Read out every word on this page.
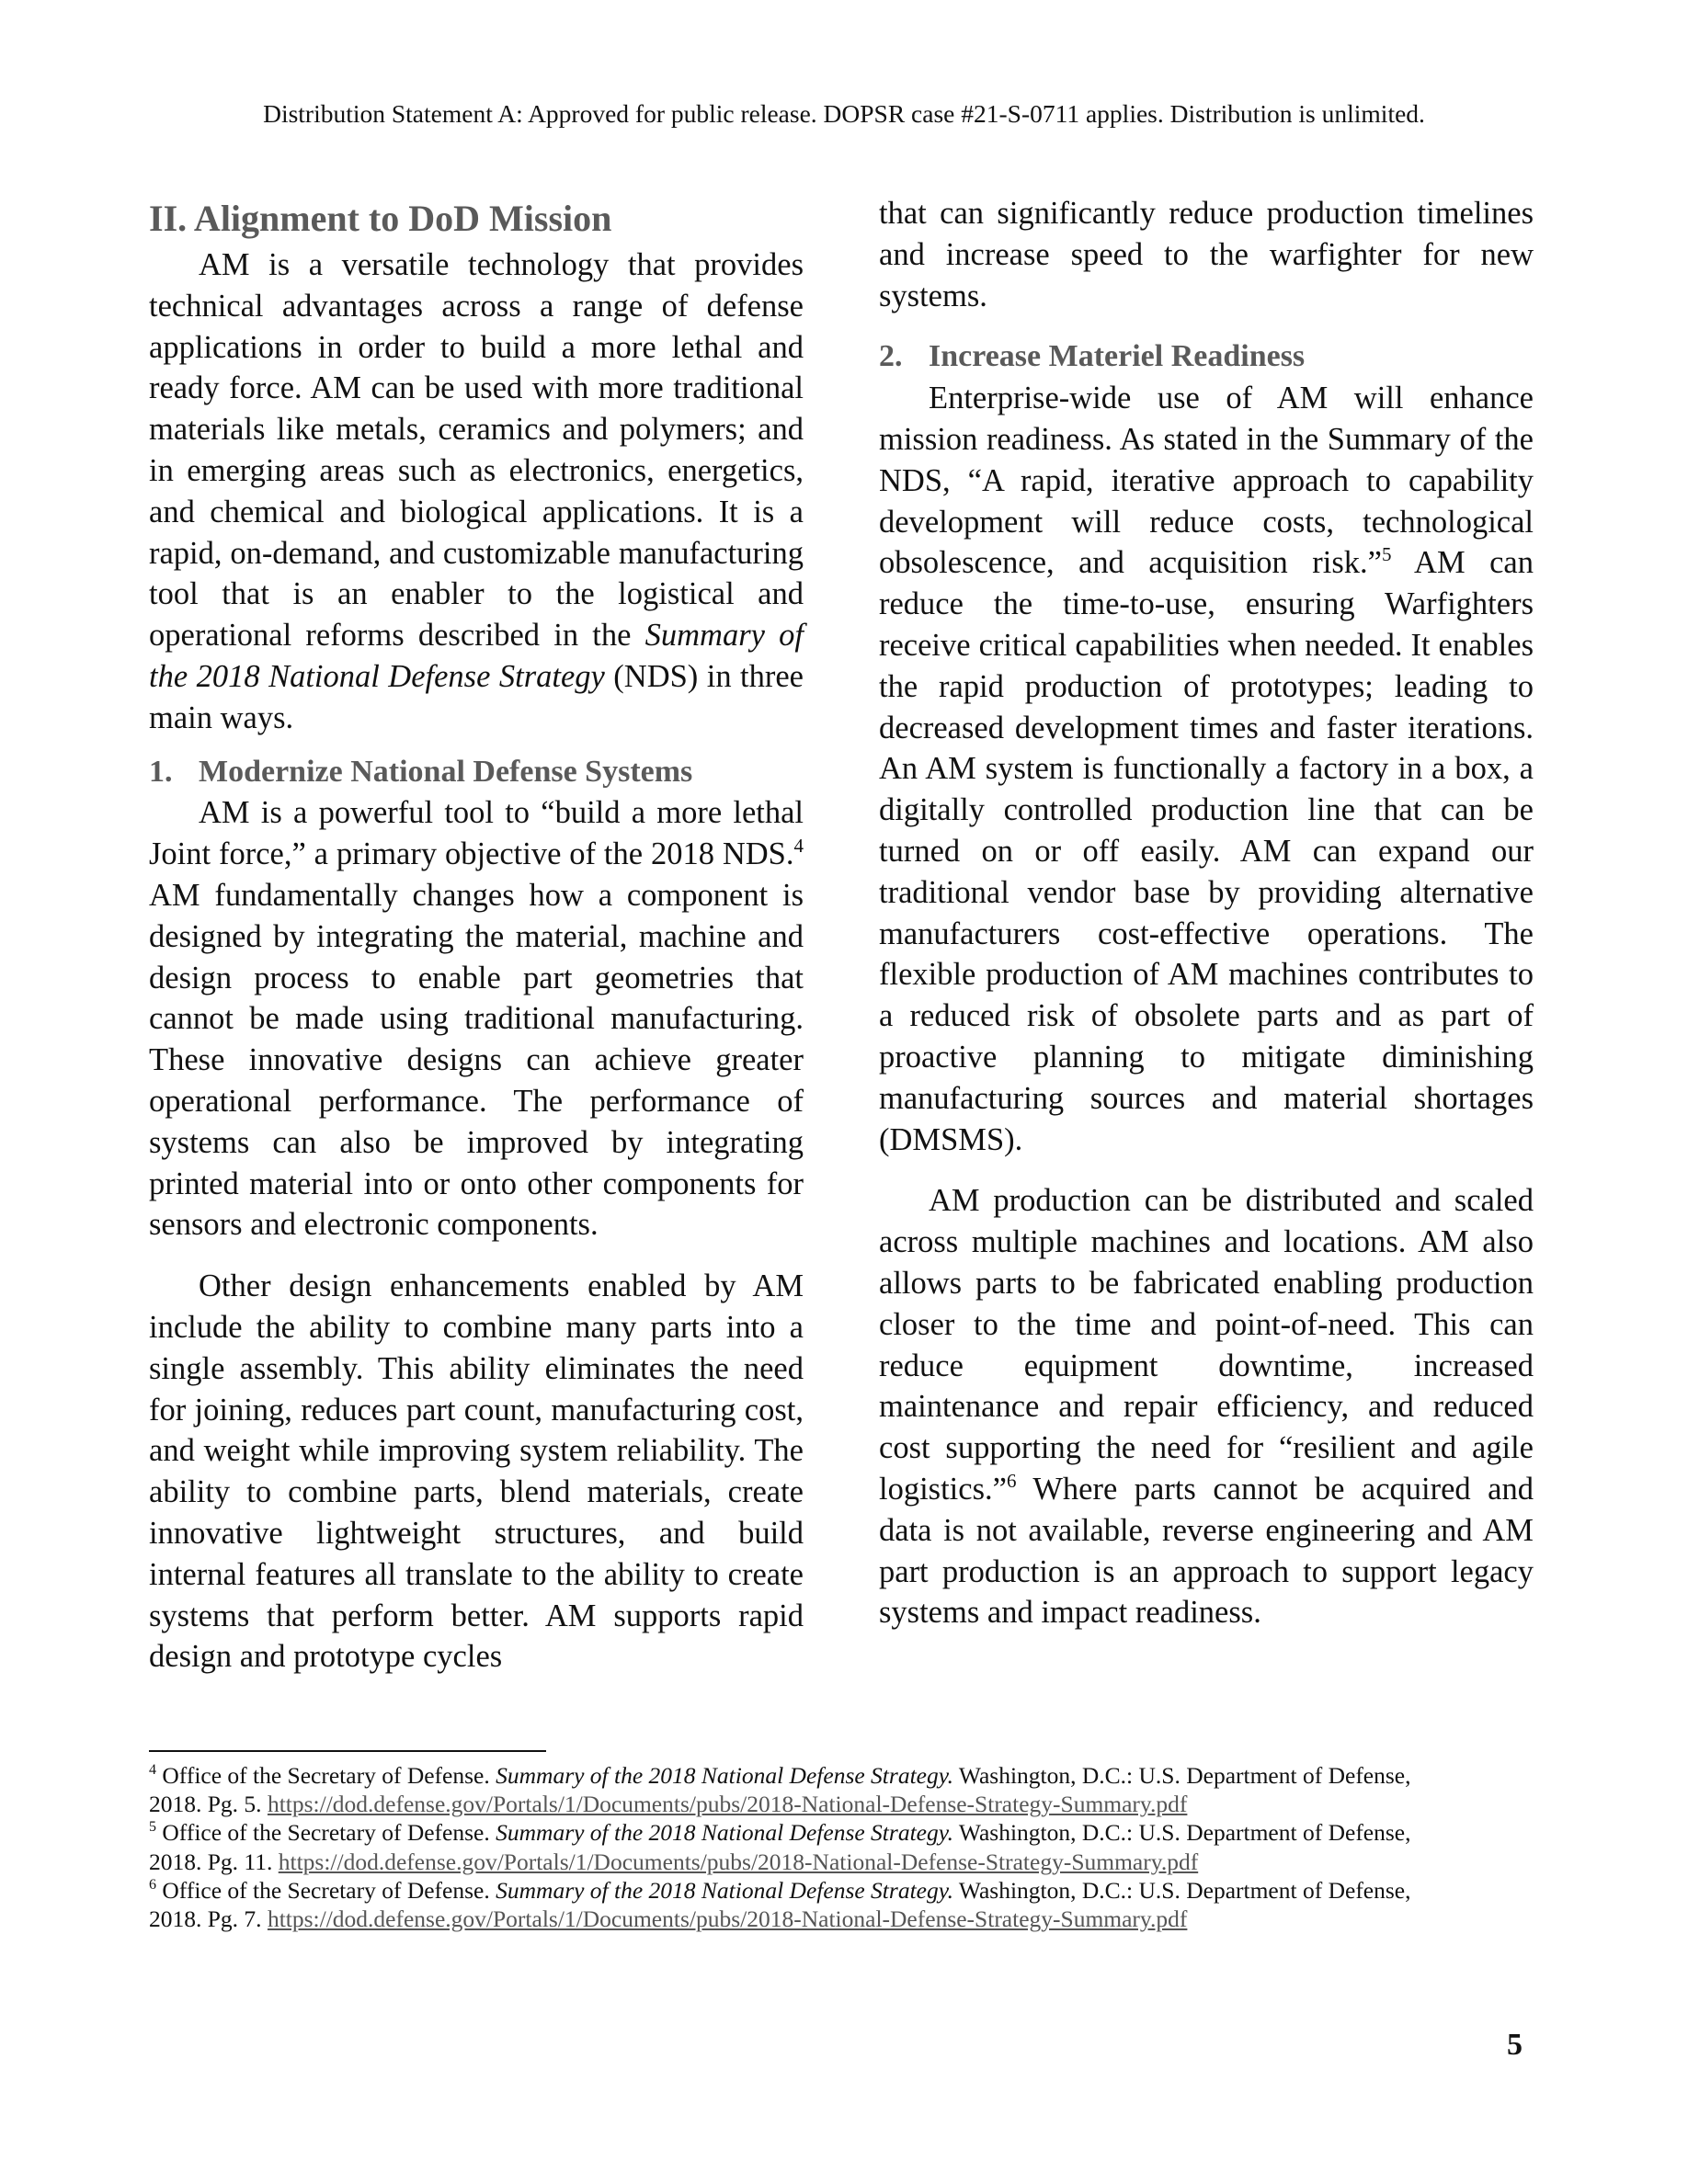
Distribution Statement A: Approved for public release. DOPSR case #21-S-0711 applies. Distribution is unlimited.
II. Alignment to DoD Mission

AM is a versatile technology that provides technical advantages across a range of defense applications in order to build a more lethal and ready force. AM can be used with more traditional materials like metals, ceramics and polymers; and in emerging areas such as electronics, energetics, and chemical and biological applications. It is a rapid, on-demand, and customizable manufacturing tool that is an enabler to the logistical and operational reforms described in the Summary of the 2018 National Defense Strategy (NDS) in three main ways.

1. Modernize National Defense Systems

AM is a powerful tool to “build a more lethal Joint force,” a primary objective of the 2018 NDS.$^4$ AM fundamentally changes how a component is designed by integrating the material, machine and design process to enable part geometries that cannot be made using traditional manufacturing. These innovative designs can achieve greater operational performance. The performance of systems can also be improved by integrating printed material into or onto other components for sensors and electronic components.

Other design enhancements enabled by AM include the ability to combine many parts into a single assembly. This ability eliminates the need for joining, reduces part count, manufacturing cost, and weight while improving system reliability. The ability to combine parts, blend materials, create innovative lightweight structures, and build internal features all translate to the ability to create systems that perform better. AM supports rapid design and prototype cycles

that can significantly reduce production timelines and increase speed to the warfighter for new systems.

2. Increase Materiel Readiness

Enterprise-wide use of AM will enhance mission readiness. As stated in the Summary of the NDS, “A rapid, iterative approach to capability development will reduce costs, technological obsolescence, and acquisition risk.”$^5$ AM can reduce the time-to-use, ensuring Warfighters receive critical capabilities when needed. It enables the rapid production of prototypes; leading to decreased development times and faster iterations. An AM system is functionally a factory in a box, a digitally controlled production line that can be turned on or off easily. AM can expand our traditional vendor base by providing alternative manufacturers cost-effective operations. The flexible production of AM machines contributes to a reduced risk of obsolete parts and as part of proactive planning to mitigate diminishing manufacturing sources and material shortages (DMSMS).

AM production can be distributed and scaled across multiple machines and locations. AM also allows parts to be fabricated enabling production closer to the time and point-of-need. This can reduce equipment downtime, increased maintenance and repair efficiency, and reduced cost supporting the need for “resilient and agile logistics.”$^6$ Where parts cannot be acquired and data is not available, reverse engineering and AM part production is an approach to support legacy systems and impact readiness.

$^4$ Office of the Secretary of Defense. Summary of the 2018 National Defense Strategy. Washington, D.C.: U.S. Department of Defense,
2018. Pg. 5. https://dod.defense.gov/Portals/1/Documents/pubs/2018-National-Defense-Strategy-Summary.pdf
$^5$ Office of the Secretary of Defense. Summary of the 2018 National Defense Strategy. Washington, D.C.: U.S. Department of Defense,
2018. Pg. 11. https://dod.defense.gov/Portals/1/Documents/pubs/2018-National-Defense-Strategy-Summary.pdf
$^6$ Office of the Secretary of Defense. Summary of the 2018 National Defense Strategy. Washington, D.C.: U.S. Department of Defense,
2018. Pg. 7. https://dod.defense.gov/Portals/1/Documents/pubs/2018-National-Defense-Strategy-Summary.pdf
5
